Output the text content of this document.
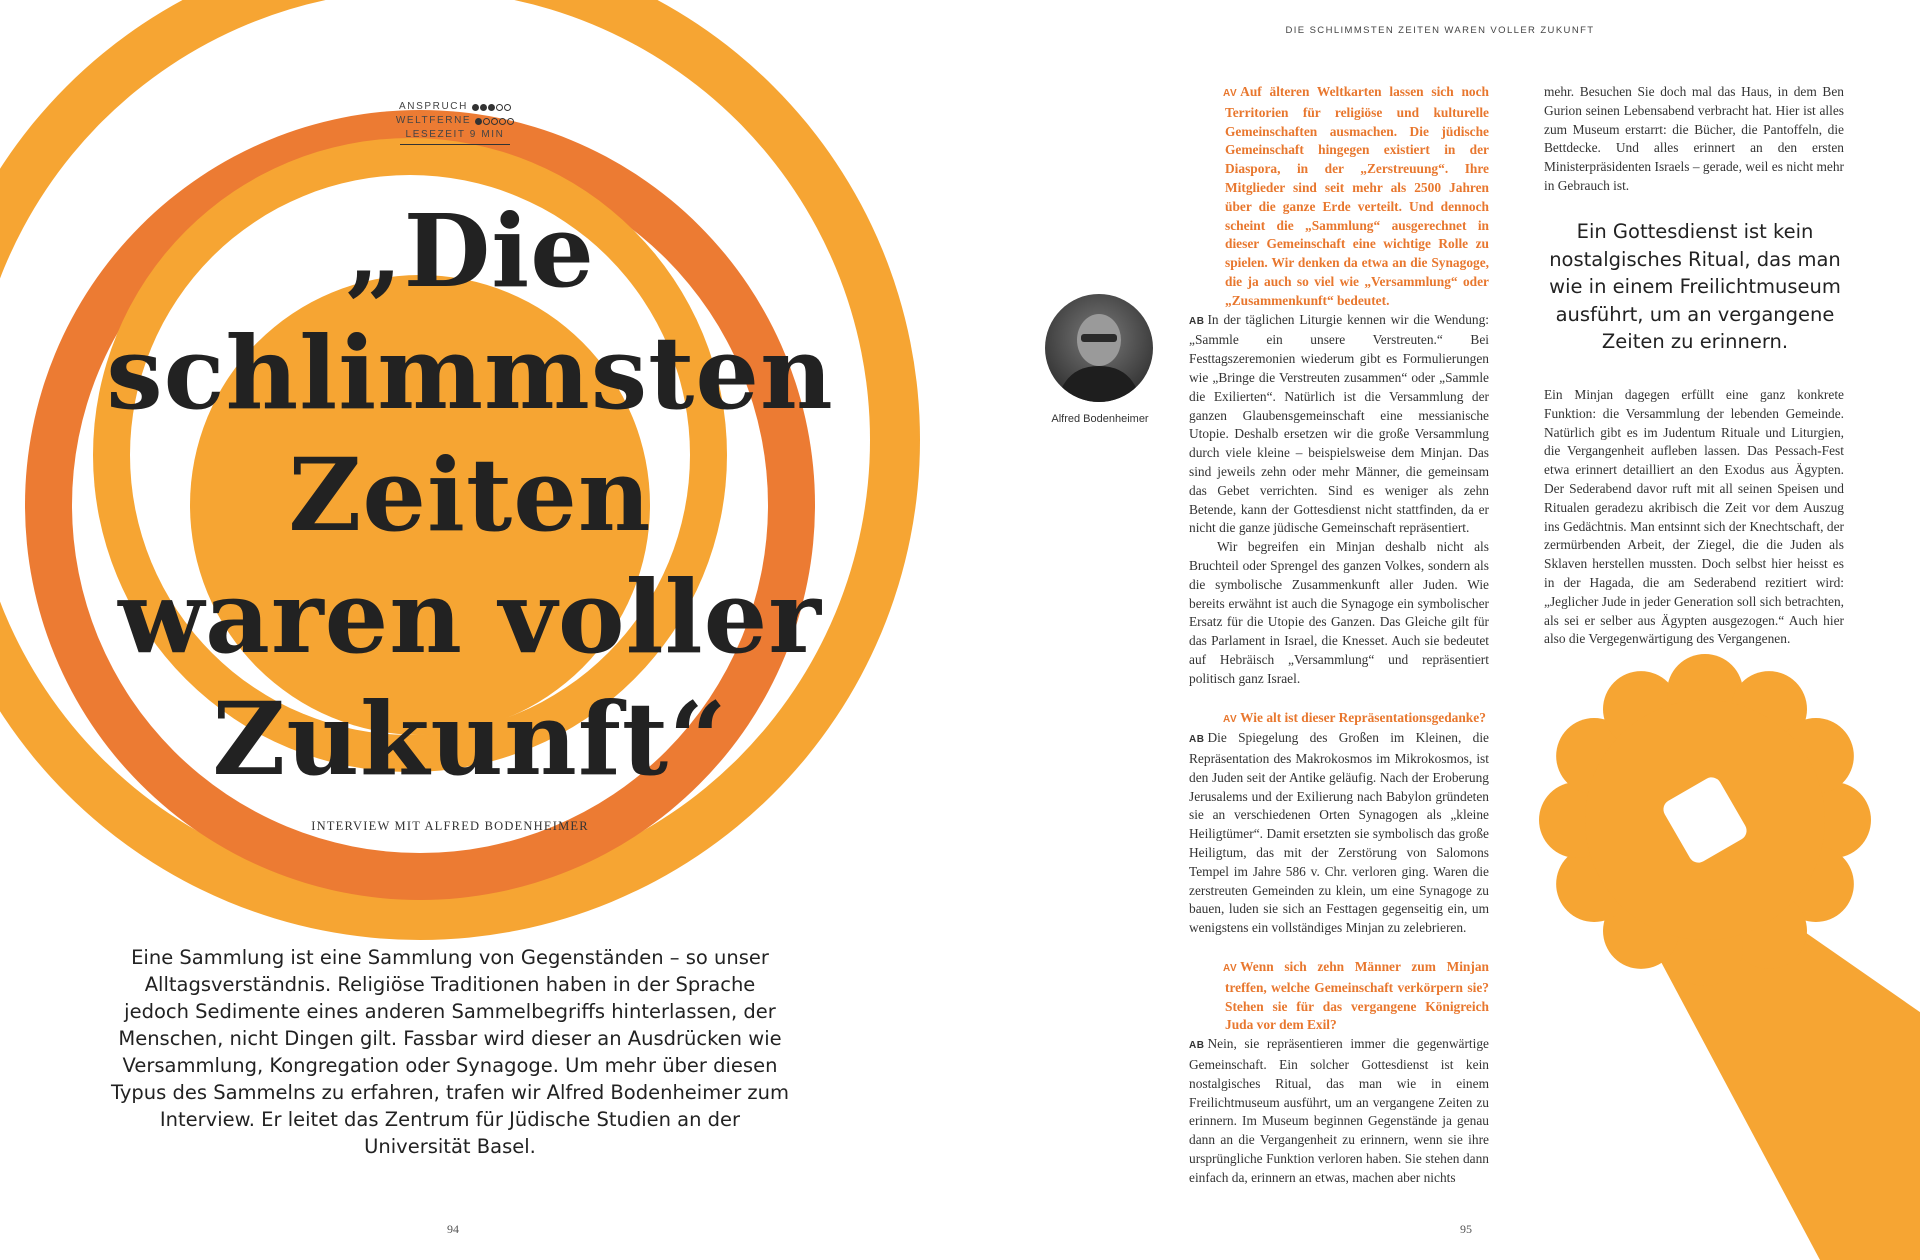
ANSPRUCH
WELTFERNE
LESEZEIT 9 MIN
„Die
schlimmsten
Zeiten
waren voller
Zukunft“
INTERVIEW MIT ALFRED BODENHEIMER
Eine Sammlung ist eine Sammlung von Gegenständen – so unser Alltagsverständnis. Religiöse Traditionen haben in der Sprache jedoch Sedimente eines anderen Sammelbegriffs hinterlassen, der Menschen, nicht Dingen gilt. Fassbar wird dieser an Ausdrücken wie Versammlung, Kongregation oder Synagoge. Um mehr über diesen Typus des Sammelns zu erfahren, trafen wir Alfred Bodenheimer zum Interview. Er leitet das Zentrum für Jüdische Studien an der Universität Basel.
94
DIE SCHLIMMSTEN ZEITEN WAREN VOLLER ZUKUNFT
Alfred Bodenheimer

AV Auf älteren Weltkarten lassen sich noch Territorien für religiöse und kulturelle Gemeinschaften ausmachen. Die jüdische Gemeinschaft hingegen existiert in der Diaspora, in der „Zerstreuung“. Ihre Mitglieder sind seit mehr als 2500 Jahren über die ganze Erde verteilt. Und dennoch scheint die „Sammlung“ ausgerechnet in dieser Gemeinschaft eine wichtige Rolle zu spielen. Wir denken da etwa an die Synagoge, die ja auch so viel wie „Versammlung“ oder „Zusammenkunft“ bedeutet.

AB In der täglichen Liturgie kennen wir die Wendung: „Sammle ein unsere Verstreuten.“ Bei Festtagszeremonien wiederum gibt es Formulierungen wie „Bringe die Verstreuten zusammen“ oder „Sammle die Exilierten“. Natürlich ist die Versammlung der ganzen Glaubensgemeinschaft eine messianische Utopie. Deshalb ersetzen wir die große Versammlung durch viele kleine – beispielsweise dem Minjan. Das sind jeweils zehn oder mehr Männer, die gemeinsam das Gebet verrichten. Sind es weniger als zehn Betende, kann der Gottesdienst nicht stattfinden, da er nicht die ganze jüdische Gemeinschaft repräsentiert.

Wir begreifen ein Minjan deshalb nicht als Bruchteil oder Sprengel des ganzen Volkes, sondern als die symbolische Zusammenkunft aller Juden. Wie bereits erwähnt ist auch die Synagoge ein symbolischer Ersatz für die Utopie des Ganzen. Das Gleiche gilt für das Parlament in Israel, die Knesset. Auch sie bedeutet auf Hebräisch „Versammlung“ und repräsentiert politisch ganz Israel.

AV Wie alt ist dieser Repräsentationsgedanke?

AB Die Spiegelung des Großen im Kleinen, die Repräsentation des Makrokosmos im Mikrokosmos, ist den Juden seit der Antike geläufig. Nach der Eroberung Jerusalems und der Exilierung nach Babylon gründeten sie an verschiedenen Orten Synagogen als „kleine Heiligtümer“. Damit ersetzten sie symbolisch das große Heiligtum, das mit der Zerstörung von Salomons Tempel im Jahre 586 v. Chr. verloren ging. Waren die zerstreuten Gemeinden zu klein, um eine Synagoge zu bauen, luden sie sich an Festtagen gegenseitig ein, um wenigstens ein vollständiges Minjan zu zelebrieren.

AV Wenn sich zehn Männer zum Minjan treffen, welche Gemeinschaft verkörpern sie? Stehen sie für das vergangene Königreich Juda vor dem Exil?

AB Nein, sie repräsentieren immer die gegenwärtige Gemeinschaft. Ein solcher Gottesdienst ist kein nostalgisches Ritual, das man wie in einem Freilichtmuseum ausführt, um an vergangene Zeiten zu erinnern. Im Museum beginnen Gegenstände ja genau dann an die Vergangenheit zu erinnern, wenn sie ihre ursprüngliche Funktion verloren haben. Sie stehen dann einfach da, erinnern an etwas, machen aber nichts

mehr. Besuchen Sie doch mal das Haus, in dem Ben Gurion seinen Lebensabend verbracht hat. Hier ist alles zum Museum erstarrt: die Bücher, die Pantoffeln, die Bettdecke. Und alles erinnert an den ersten Ministerpräsidenten Israels – gerade, weil es nicht mehr in Gebrauch ist.

Ein Gottesdienst ist kein nostalgisches Ritual, das man wie in einem Freilichtmuseum ausführt, um an vergangene Zeiten zu erinnern.

Ein Minjan dagegen erfüllt eine ganz konkrete Funktion: die Versammlung der lebenden Gemeinde. Natürlich gibt es im Judentum Rituale und Liturgien, die Vergangenheit aufleben lassen. Das Pessach-Fest etwa erinnert detailliert an den Exodus aus Ägypten. Der Sederabend davor ruft mit all seinen Speisen und Ritualen geradezu akribisch die Zeit vor dem Auszug ins Gedächtnis. Man entsinnt sich der Knechtschaft, der zermürbenden Arbeit, der Ziegel, die die Juden als Sklaven herstellen mussten. Doch selbst hier heisst es in der Hagada, die am Sederabend rezitiert wird: „Jeglicher Jude in jeder Generation soll sich betrachten, als sei er selber aus Ägypten ausgezogen.“ Auch hier also die Vergegenwärtigung des Vergangenen.

95
